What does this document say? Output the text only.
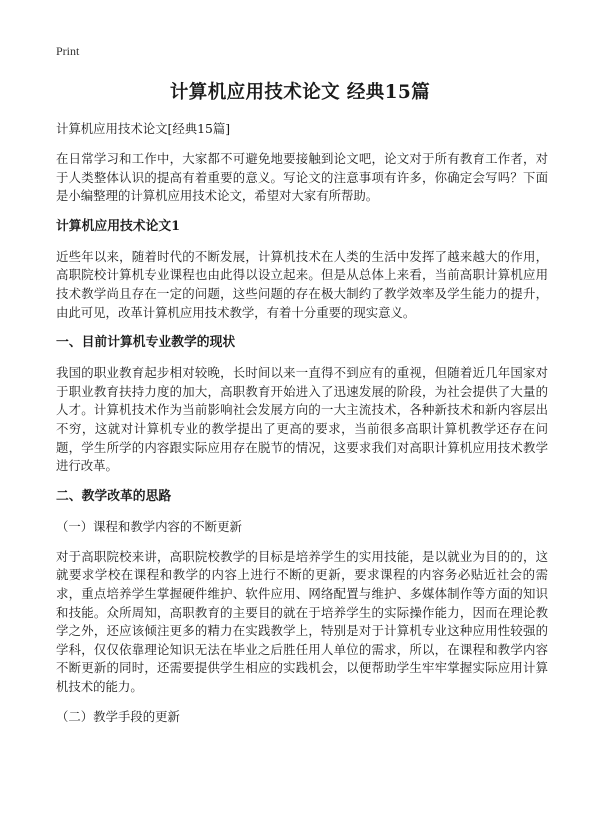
Print
计算机应用技术论文 经典15篇

计算机应用技术论文[经典15篇]

在日常学习和工作中，大家都不可避免地要接触到论文吧，论文对于所有教育工作者，对于人类整体认识的提高有着重要的意义。写论文的注意事项有许多，你确定会写吗？下面是小编整理的计算机应用技术论文，希望对大家有所帮助。

计算机应用技术论文1

近些年以来，随着时代的不断发展，计算机技术在人类的生活中发挥了越来越大的作用，高职院校计算机专业课程也由此得以设立起来。但是从总体上来看，当前高职计算机应用技术教学尚且存在一定的问题，这些问题的存在极大制约了教学效率及学生能力的提升，由此可见，改革计算机应用技术教学，有着十分重要的现实意义。

一、目前计算机专业教学的现状

我国的职业教育起步相对较晚，长时间以来一直得不到应有的重视，但随着近几年国家对于职业教育扶持力度的加大，高职教育开始进入了迅速发展的阶段，为社会提供了大量的人才。计算机技术作为当前影响社会发展方向的一大主流技术，各种新技术和新内容层出不穷，这就对计算机专业的教学提出了更高的要求，当前很多高职计算机教学还存在问题，学生所学的内容跟实际应用存在脱节的情况，这要求我们对高职计算机应用技术教学进行改革。

二、教学改革的思路

（一）课程和教学内容的不断更新

对于高职院校来讲，高职院校教学的目标是培养学生的实用技能，是以就业为目的的，这就要求学校在课程和教学的内容上进行不断的更新，要求课程的内容务必贴近社会的需求，重点培养学生掌握硬件维护、软件应用、网络配置与维护、多媒体制作等方面的知识和技能。众所周知，高职教育的主要目的就在于培养学生的实际操作能力，因而在理论教学之外，还应该倾注更多的精力在实践教学上，特别是对于计算机专业这种应用性较强的学科，仅仅依靠理论知识无法在毕业之后胜任用人单位的需求，所以，在课程和教学内容不断更新的同时，还需要提供学生相应的实践机会，以便帮助学生牢牢掌握实际应用计算机技术的能力。

（二）教学手段的更新
